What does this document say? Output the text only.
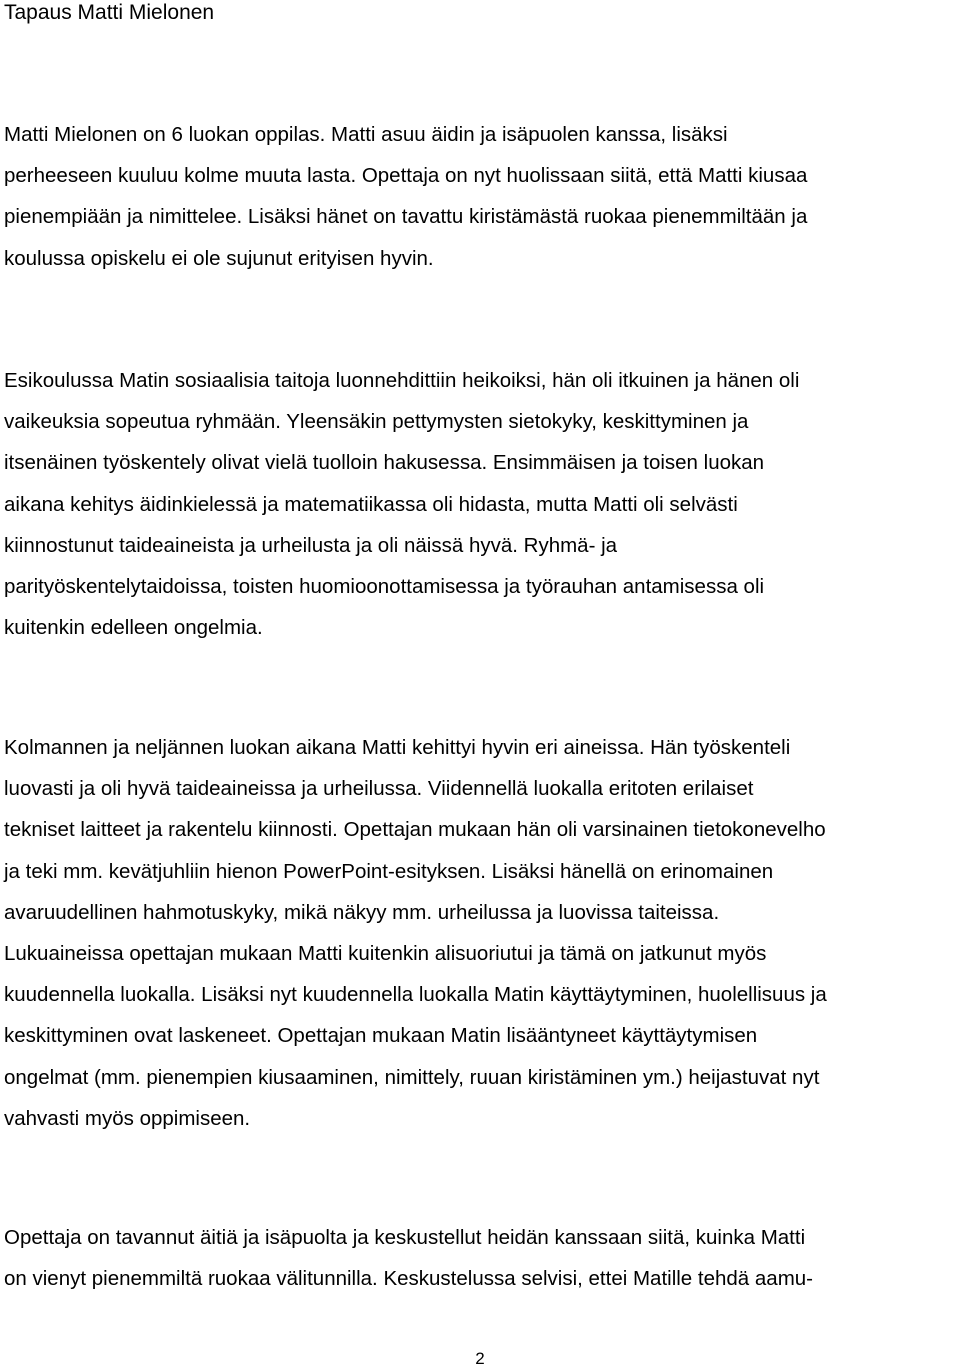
Tapaus Matti Mielonen

Matti Mielonen on 6 luokan oppilas. Matti asuu äidin ja isäpuolen kanssa, lisäksi
perheeseen kuuluu kolme muuta lasta. Opettaja on nyt huolissaan siitä, että Matti kiusaa
pienempiään ja nimittelee. Lisäksi hänet on tavattu kiristämästä ruokaa pienemmiltään ja
koulussa opiskelu ei ole sujunut erityisen hyvin.

Esikoulussa Matin sosiaalisia taitoja luonnehdittiin heikoiksi, hän oli itkuinen ja hänen oli
vaikeuksia sopeutua ryhmään. Yleensäkin pettymysten sietokyky, keskittyminen ja
itsenäinen työskentely olivat vielä tuolloin hakusessa. Ensimmäisen ja toisen luokan
aikana kehitys äidinkielessä ja matematiikassa oli hidasta, mutta Matti oli selvästi
kiinnostunut taideaineista ja urheilusta ja oli näissä hyvä. Ryhmä- ja
parityöskentelytaidoissa, toisten huomioonottamisessa ja työrauhan antamisessa oli
kuitenkin edelleen ongelmia.

Kolmannen ja neljännen luokan aikana Matti kehittyi hyvin eri aineissa. Hän työskenteli
luovasti ja oli hyvä taideaineissa ja urheilussa. Viidennellä luokalla eritoten erilaiset
tekniset laitteet ja rakentelu kiinnosti. Opettajan mukaan hän oli varsinainen tietokonevelho
ja teki mm. kevätjuhliin hienon PowerPoint-esityksen. Lisäksi hänellä on erinomainen
avaruudellinen hahmotuskyky, mikä näkyy mm. urheilussa ja luovissa taiteissa.
Lukuaineissa opettajan mukaan Matti kuitenkin alisuoriutui ja tämä on jatkunut myös
kuudennella luokalla. Lisäksi nyt kuudennella luokalla Matin käyttäytyminen, huolellisuus ja
keskittyminen ovat laskeneet. Opettajan mukaan Matin lisääntyneet käyttäytymisen
ongelmat (mm. pienempien kiusaaminen, nimittely, ruuan kiristäminen ym.) heijastuvat nyt
vahvasti myös oppimiseen.

Opettaja on tavannut äitiä ja isäpuolta ja keskustellut heidän kanssaan siitä, kuinka Matti
on vienyt pienemmiltä ruokaa välitunnilla. Keskustelussa selvisi, ettei Matille tehdä aamu-

2
